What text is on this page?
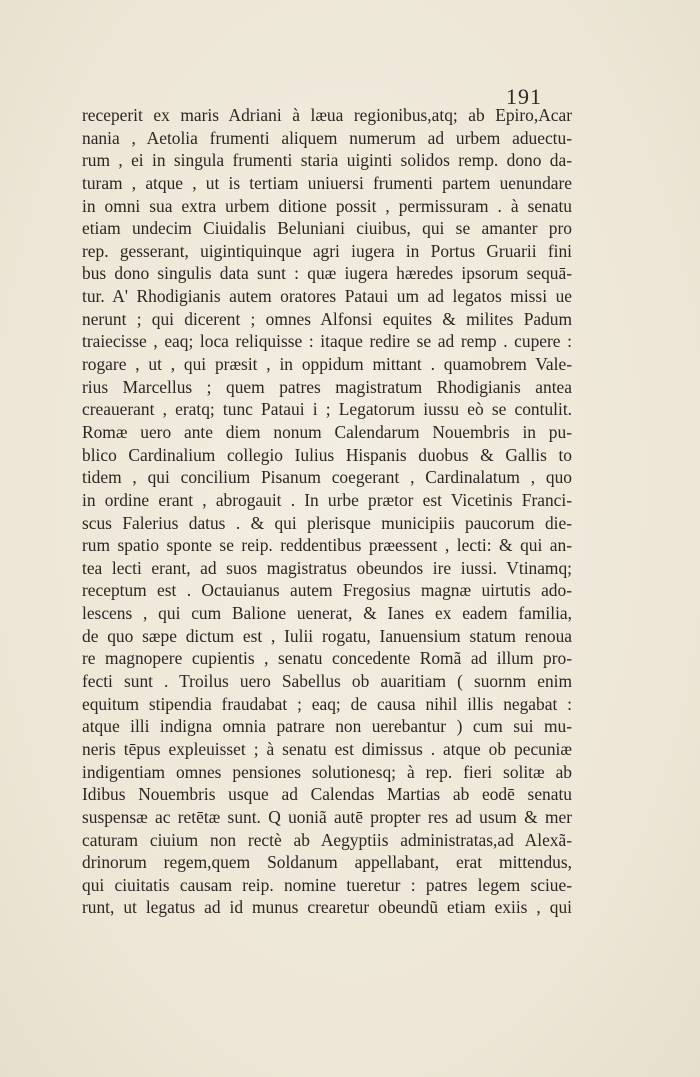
191
receperit ex maris Adriani à læua regionibus,atq; ab Epiro,Acar
nania , Aetolia frumenti aliquem numerum ad urbem aduectu-
rum , ei in singula frumenti staria uiginti solidos remp. dono da-
turam , atque , ut is tertiam uniuersi frumenti partem uenundare
in omni sua extra urbem ditione possit , permissuram . à senatu
etiam undecim Ciuidalis Beluniani ciuibus, qui se amanter pro
rep. gesserant, uigintiquinque agri iugera in Portus Gruarii fini
bus dono singulis data sunt : quæ iugera hæredes ipsorum sequā-
tur. A' Rhodigianis autem oratores Pataui um ad legatos missi ue
nerunt ; qui dicerent ; omnes Alfonsi equites & milites Padum
traiecisse , eaq; loca reliquisse : itaque redire se ad remp . cupere :
rogare , ut , qui præsit , in oppidum mittant . quamobrem Vale-
rius Marcellus ; quem patres magistratum Rhodigianis antea
creauerant , eratq; tunc Pataui i ; Legatorum iussu eò se contulit.
Romæ uero ante diem nonum Calendarum Nouembris in pu-
blico Cardinalium collegio Iulius Hispanis duobus & Gallis to
tidem , qui concilium Pisanum coegerant , Cardinalatum , quo
in ordine erant , abrogauit . In urbe prætor est Vicetinis Franci-
scus Falerius datus . & qui plerisque municipiis paucorum die-
rum spatio sponte se reip. reddentibus præessent , lecti: & qui an-
tea lecti erant, ad suos magistratus obeundos ire iussi. Vtinamq;
receptum est . Octauianus autem Fregosius magnæ uirtutis ado-
lescens , qui cum Balione uenerat, & Ianes ex eadem familia,
de quo sæpe dictum est , Iulii rogatu, Ianuensium statum renoua
re magnopere cupientis , senatu concedente Romã ad illum pro-
fecti sunt . Troilus uero Sabellus ob auaritiam ( suornm enim
equitum stipendia fraudabat ; eaq; de causa nihil illis negabat :
atque illi indigna omnia patrare non uerebantur ) cum sui mu-
neris tēpus expleuisset ; à senatu est dimissus . atque ob pecuniæ
indigentiam omnes pensiones solutionesq; à rep. fieri solitæ ab
Idibus Nouembris usque ad Calendas Martias ab eodē senatu
suspensæ ac retētæ sunt. Q uoniã autē propter res ad usum & mer
caturam ciuium non rectè ab Aegyptiis administratas,ad Alexã-
drinorum regem,quem Soldanum appellabant, erat mittendus,
qui ciuitatis causam reip. nomine tueretur : patres legem sciue-
runt, ut legatus ad id munus crearetur obeundũ etiam exiis , qui
